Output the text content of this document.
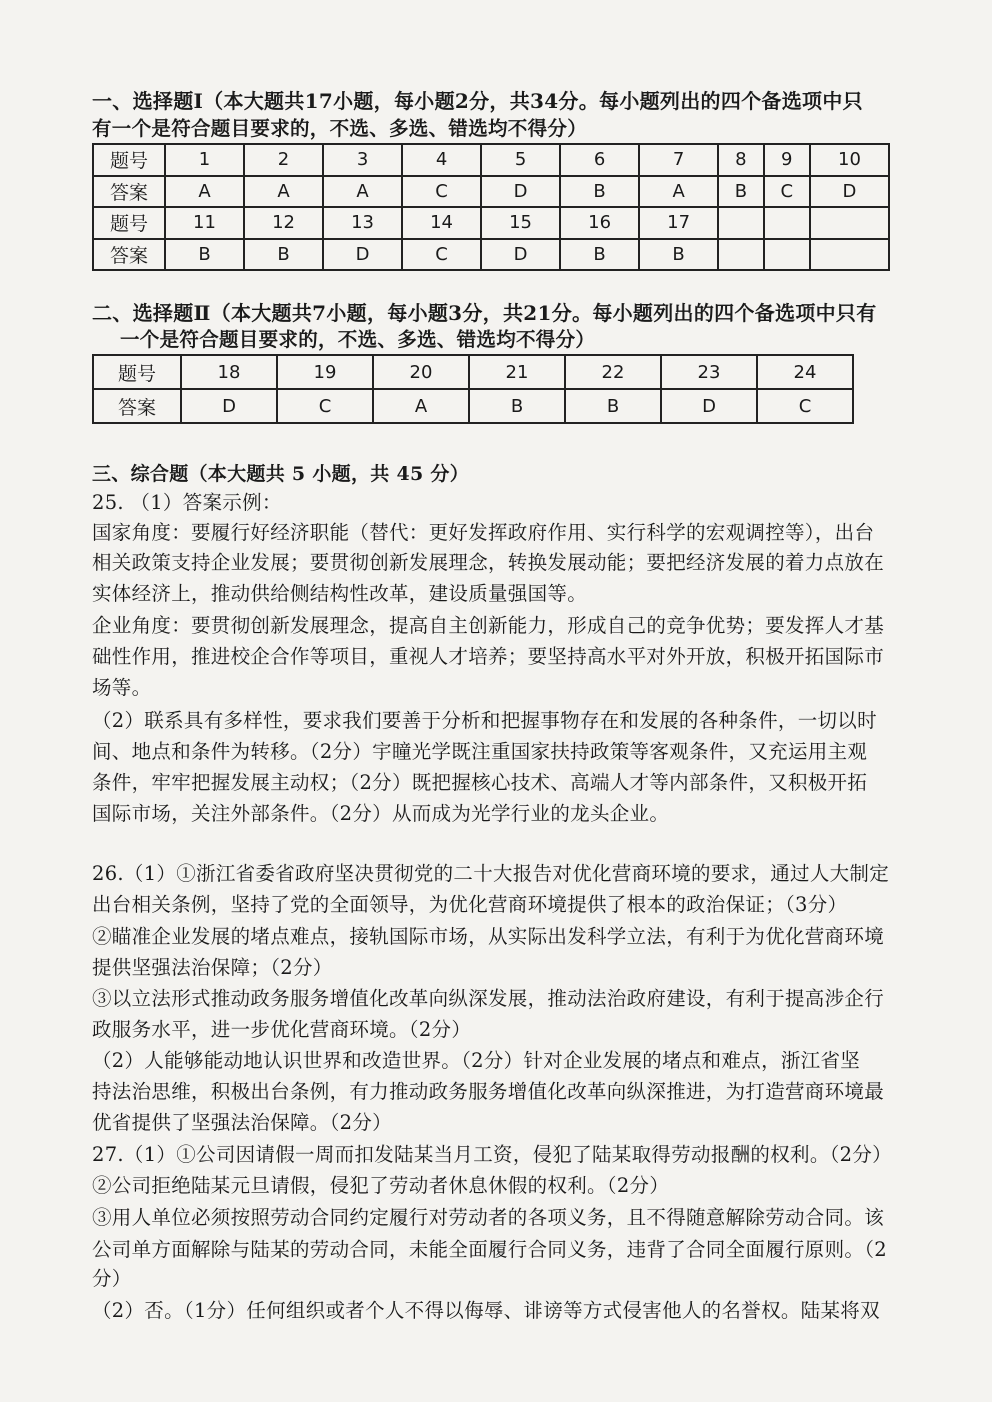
一、选择题Ⅰ（本大题共17小题，每小题2分，共34分。每小题列出的四个备选项中只
有一个是符合题目要求的，不选、多选、错选均不得分）
题号	1	2	3	4	5	6	7	8	9	10
答案	A	A	A	C	D	B	A	B	C	D
题号	11	12	13	14	15	16	17			
答案	B	B	D	C	D	B	B			
二、选择题Ⅱ（本大题共7小题，每小题3分，共21分。每小题列出的四个备选项中只有
一个是符合题目要求的，不选、多选、错选均不得分）
题号	18	19	20	21	22	23	24
答案	D	C	A	B	B	D	C
三、综合题（本大题共 5 小题，共 45 分）
25. （1）答案示例：
国家角度：要履行好经济职能（替代：更好发挥政府作用、实行科学的宏观调控等），出台
相关政策支持企业发展；要贯彻创新发展理念，转换发展动能；要把经济发展的着力点放在
实体经济上，推动供给侧结构性改革，建设质量强国等。
企业角度：要贯彻创新发展理念，提高自主创新能力，形成自己的竞争优势；要发挥人才基
础性作用，推进校企合作等项目，重视人才培养；要坚持高水平对外开放，积极开拓国际市
场等。
（2）联系具有多样性，要求我们要善于分析和把握事物存在和发展的各种条件，一切以时
间、地点和条件为转移。（2分）宇瞳光学既注重国家扶持政策等客观条件，又充运用主观
条件，牢牢把握发展主动权；（2分）既把握核心技术、高端人才等内部条件，又积极开拓
国际市场，关注外部条件。（2分）从而成为光学行业的龙头企业。
26.（1）①浙江省委省政府坚决贯彻党的二十大报告对优化营商环境的要求，通过人大制定
出台相关条例，坚持了党的全面领导，为优化营商环境提供了根本的政治保证；（3分）
②瞄准企业发展的堵点难点，接轨国际市场，从实际出发科学立法，有利于为优化营商环境
提供坚强法治保障；（2分）
③以立法形式推动政务服务增值化改革向纵深发展，推动法治政府建设，有利于提高涉企行
政服务水平，进一步优化营商环境。（2分）
（2）人能够能动地认识世界和改造世界。（2分）针对企业发展的堵点和难点，浙江省坚
持法治思维，积极出台条例，有力推动政务服务增值化改革向纵深推进，为打造营商环境最
优省提供了坚强法治保障。（2分）
27.（1）①公司因请假一周而扣发陆某当月工资，侵犯了陆某取得劳动报酬的权利。（2分）
②公司拒绝陆某元旦请假，侵犯了劳动者休息休假的权利。（2分）
③用人单位必须按照劳动合同约定履行对劳动者的各项义务，且不得随意解除劳动合同。该
公司单方面解除与陆某的劳动合同，未能全面履行合同义务，违背了合同全面履行原则。（2
分）
（2）否。（1分）任何组织或者个人不得以侮辱、诽谤等方式侵害他人的名誉权。陆某将双
